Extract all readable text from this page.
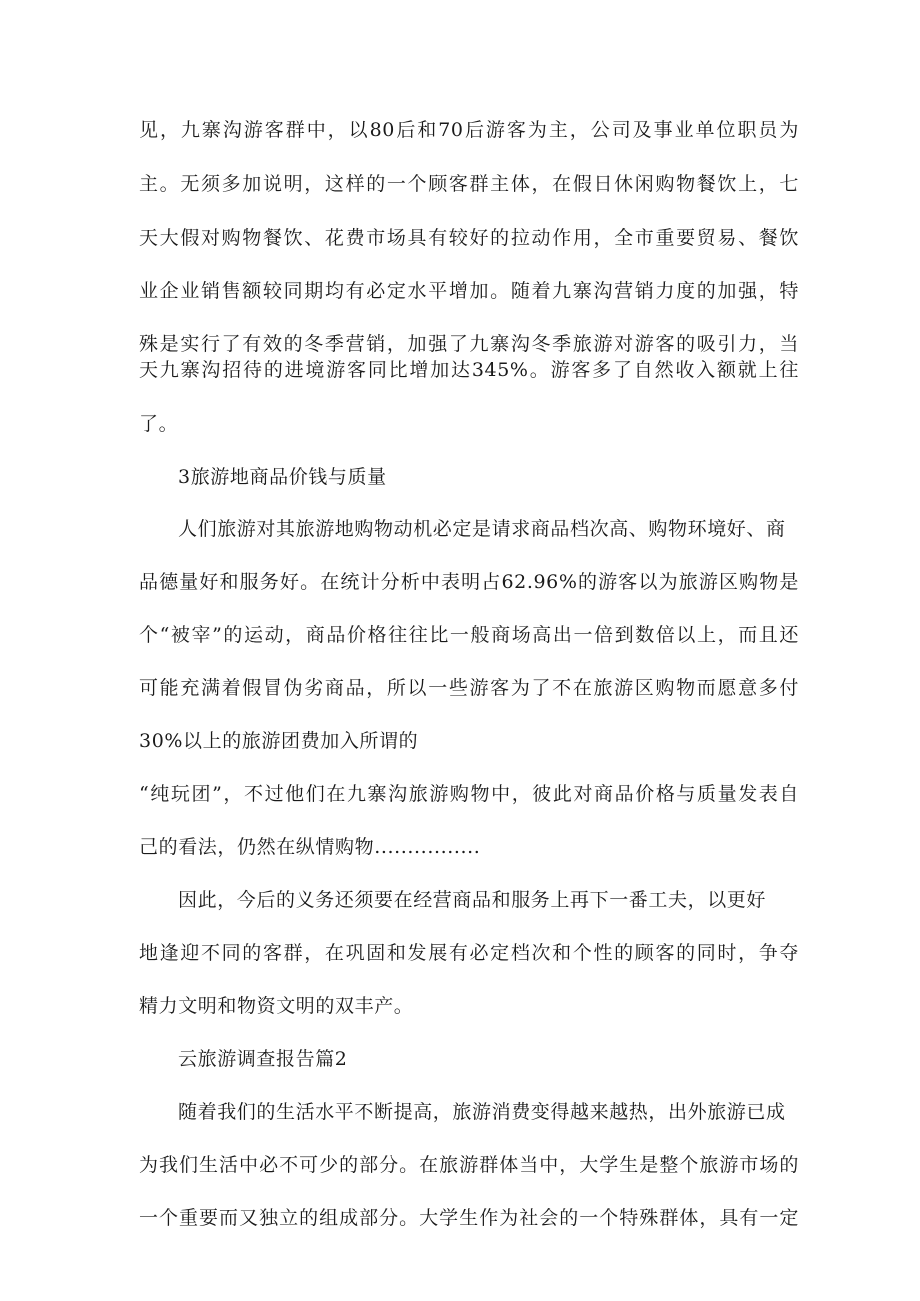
见，九寨沟游客群中，以80后和70后游客为主，公司及事业单位职员为
主。无须多加说明，这样的一个顾客群主体，在假日休闲购物餐饮上，七
天大假对购物餐饮、花费市场具有较好的拉动作用，全市重要贸易、餐饮
业企业销售额较同期均有必定水平增加。随着九寨沟营销力度的加强，特
殊是实行了有效的冬季营销，加强了九寨沟冬季旅游对游客的吸引力，当
天九寨沟招待的进境游客同比增加达345%。游客多了自然收入额就上往
了。
3旅游地商品价钱与质量
人们旅游对其旅游地购物动机必定是请求商品档次高、购物环境好、商
品德量好和服务好。在统计分析中表明占62.96%的游客以为旅游区购物是
个“被宰”的运动，商品价格往往比一般商场高出一倍到数倍以上，而且还
可能充满着假冒伪劣商品，所以一些游客为了不在旅游区购物而愿意多付
30%以上的旅游团费加入所谓的
“纯玩团”，不过他们在九寨沟旅游购物中，彼此对商品价格与质量发表自
己的看法，仍然在纵情购物................
因此，今后的义务还须要在经营商品和服务上再下一番工夫，以更好
地逢迎不同的客群，在巩固和发展有必定档次和个性的顾客的同时，争夺
精力文明和物资文明的双丰产。
云旅游调查报告篇2
随着我们的生活水平不断提高，旅游消费变得越来越热，出外旅游已成
为我们生活中必不可少的部分。在旅游群体当中，大学生是整个旅游市场的
一个重要而又独立的组成部分。大学生作为社会的一个特殊群体，具有一定
